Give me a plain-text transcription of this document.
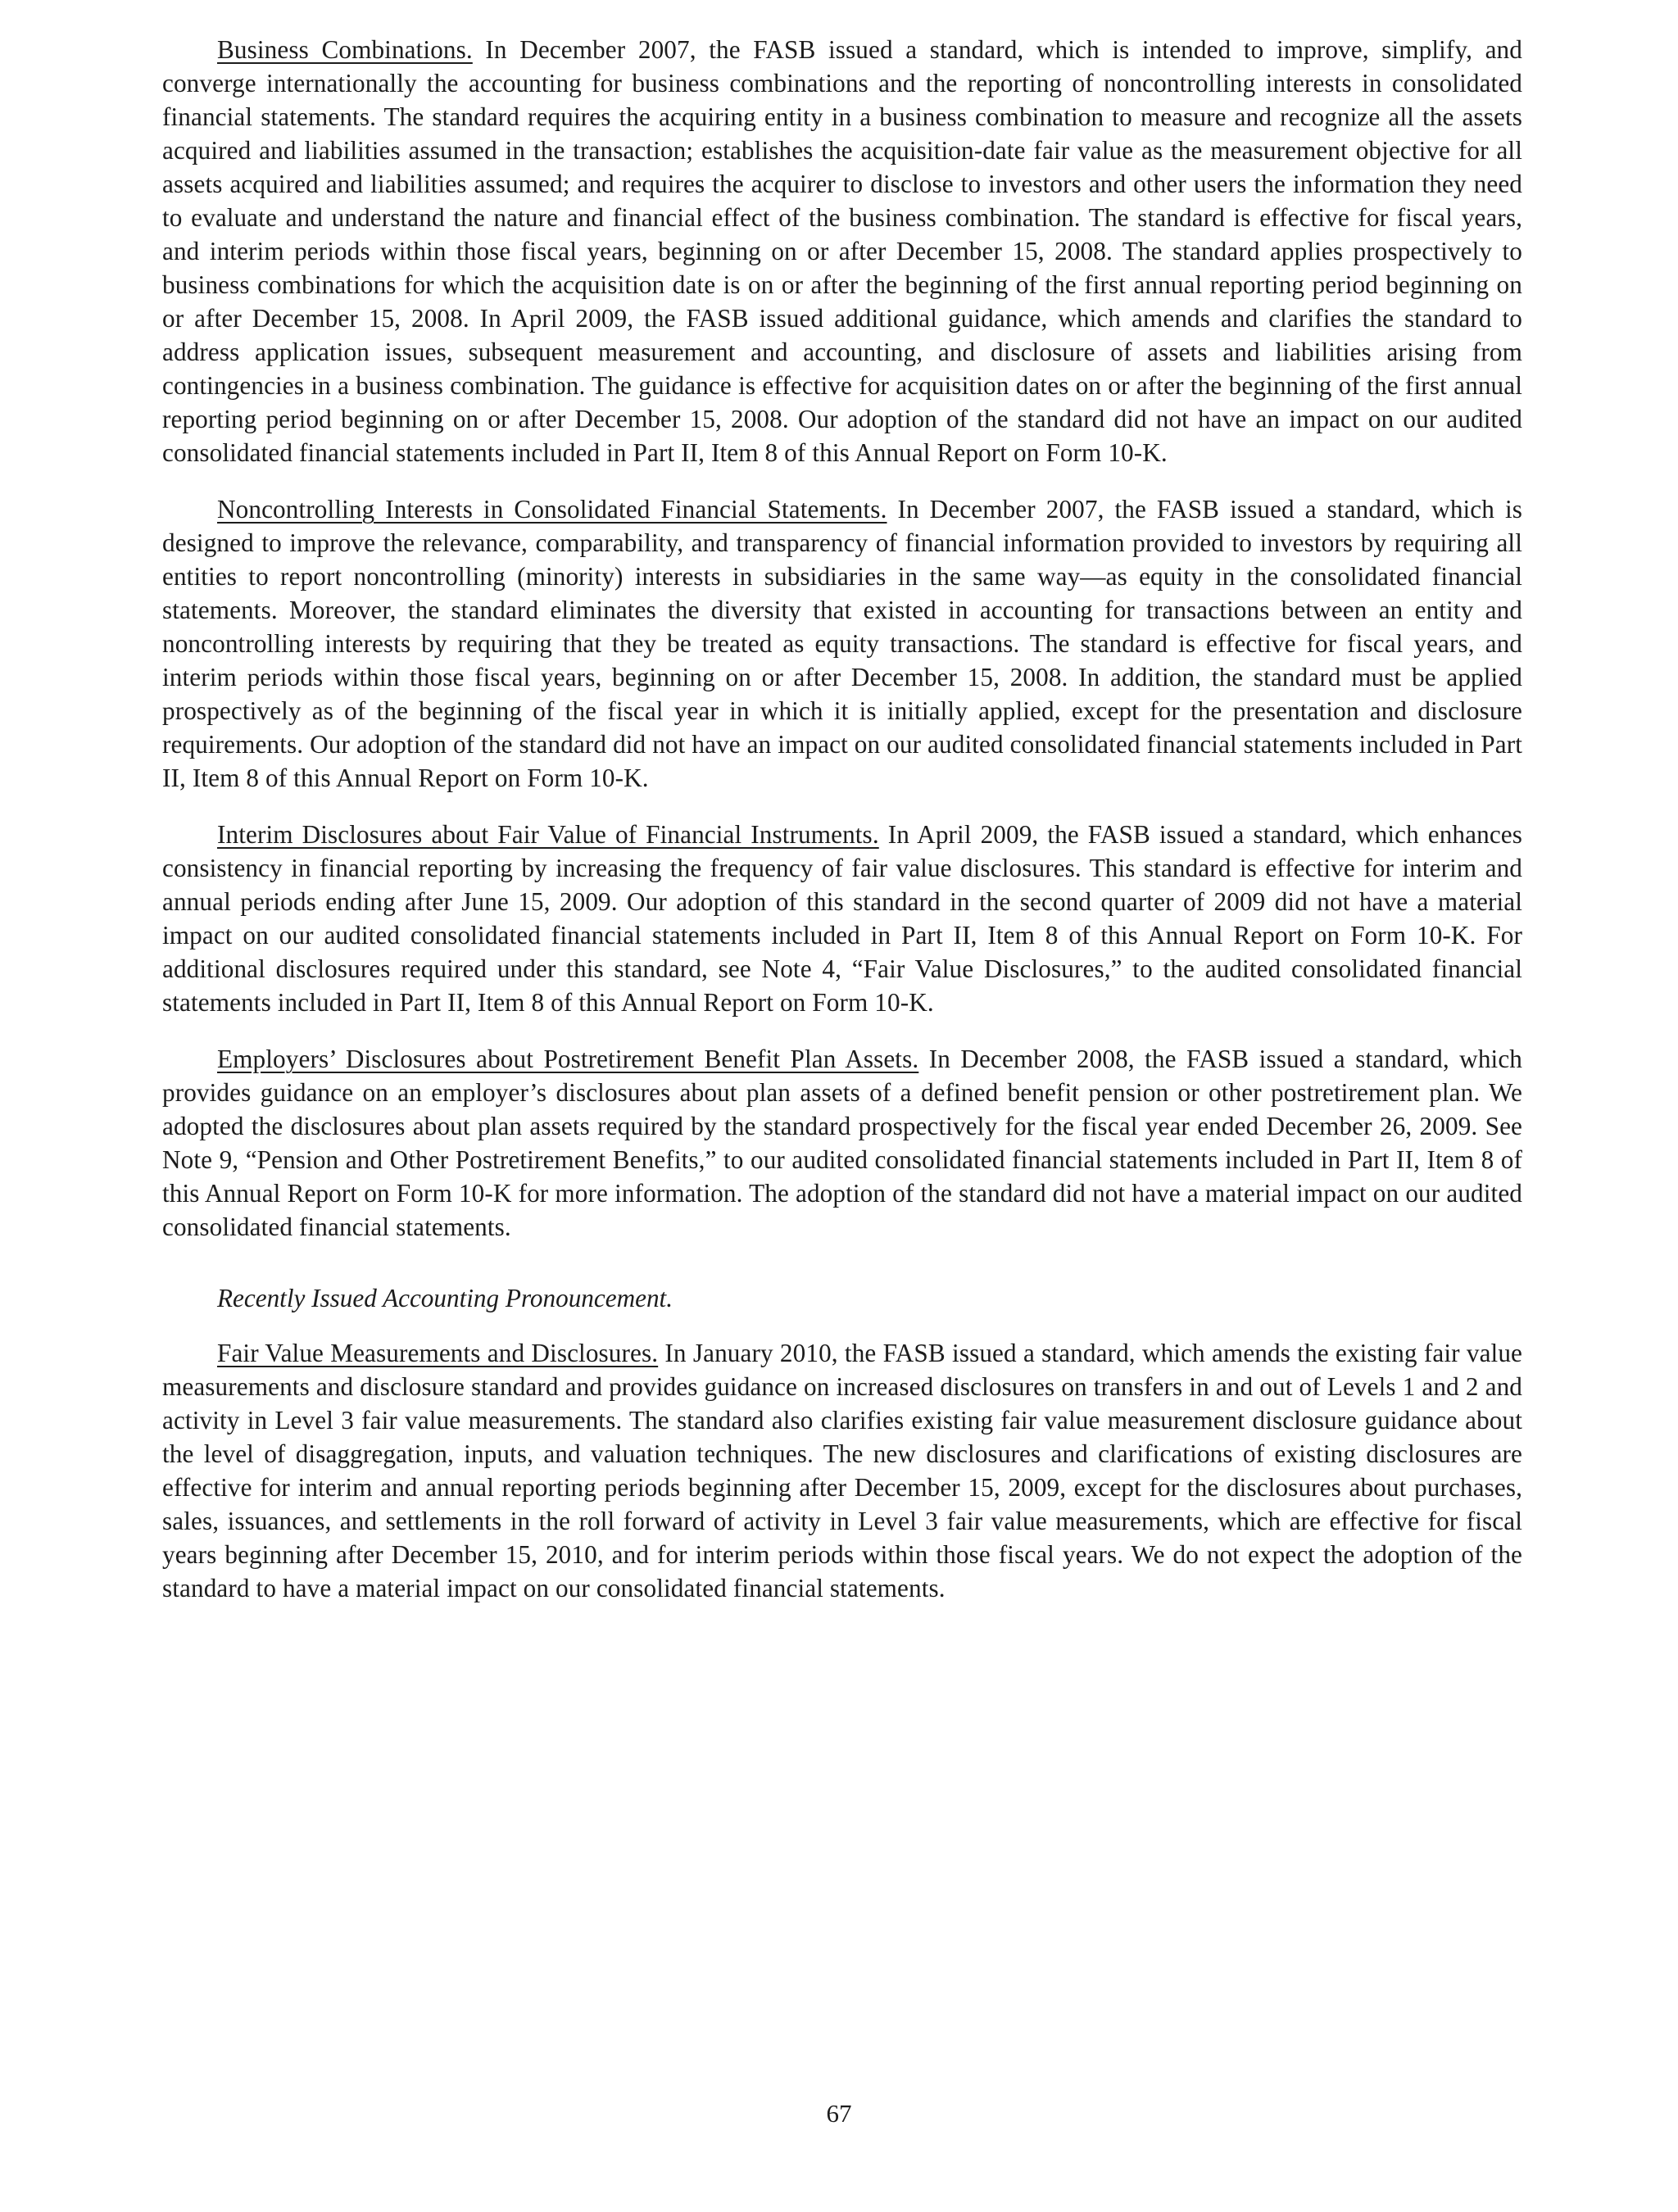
Business Combinations. In December 2007, the FASB issued a standard, which is intended to improve, simplify, and converge internationally the accounting for business combinations and the reporting of noncontrolling interests in consolidated financial statements. The standard requires the acquiring entity in a business combination to measure and recognize all the assets acquired and liabilities assumed in the transaction; establishes the acquisition-date fair value as the measurement objective for all assets acquired and liabilities assumed; and requires the acquirer to disclose to investors and other users the information they need to evaluate and understand the nature and financial effect of the business combination. The standard is effective for fiscal years, and interim periods within those fiscal years, beginning on or after December 15, 2008. The standard applies prospectively to business combinations for which the acquisition date is on or after the beginning of the first annual reporting period beginning on or after December 15, 2008. In April 2009, the FASB issued additional guidance, which amends and clarifies the standard to address application issues, subsequent measurement and accounting, and disclosure of assets and liabilities arising from contingencies in a business combination. The guidance is effective for acquisition dates on or after the beginning of the first annual reporting period beginning on or after December 15, 2008. Our adoption of the standard did not have an impact on our audited consolidated financial statements included in Part II, Item 8 of this Annual Report on Form 10-K.

Noncontrolling Interests in Consolidated Financial Statements. In December 2007, the FASB issued a standard, which is designed to improve the relevance, comparability, and transparency of financial information provided to investors by requiring all entities to report noncontrolling (minority) interests in subsidiaries in the same way—as equity in the consolidated financial statements. Moreover, the standard eliminates the diversity that existed in accounting for transactions between an entity and noncontrolling interests by requiring that they be treated as equity transactions. The standard is effective for fiscal years, and interim periods within those fiscal years, beginning on or after December 15, 2008. In addition, the standard must be applied prospectively as of the beginning of the fiscal year in which it is initially applied, except for the presentation and disclosure requirements. Our adoption of the standard did not have an impact on our audited consolidated financial statements included in Part II, Item 8 of this Annual Report on Form 10-K.

Interim Disclosures about Fair Value of Financial Instruments. In April 2009, the FASB issued a standard, which enhances consistency in financial reporting by increasing the frequency of fair value disclosures. This standard is effective for interim and annual periods ending after June 15, 2009. Our adoption of this standard in the second quarter of 2009 did not have a material impact on our audited consolidated financial statements included in Part II, Item 8 of this Annual Report on Form 10-K. For additional disclosures required under this standard, see Note 4, “Fair Value Disclosures,” to the audited consolidated financial statements included in Part II, Item 8 of this Annual Report on Form 10-K.

Employers’ Disclosures about Postretirement Benefit Plan Assets. In December 2008, the FASB issued a standard, which provides guidance on an employer’s disclosures about plan assets of a defined benefit pension or other postretirement plan. We adopted the disclosures about plan assets required by the standard prospectively for the fiscal year ended December 26, 2009. See Note 9, “Pension and Other Postretirement Benefits,” to our audited consolidated financial statements included in Part II, Item 8 of this Annual Report on Form 10-K for more information. The adoption of the standard did not have a material impact on our audited consolidated financial statements.

Recently Issued Accounting Pronouncement.

Fair Value Measurements and Disclosures. In January 2010, the FASB issued a standard, which amends the existing fair value measurements and disclosure standard and provides guidance on increased disclosures on transfers in and out of Levels 1 and 2 and activity in Level 3 fair value measurements. The standard also clarifies existing fair value measurement disclosure guidance about the level of disaggregation, inputs, and valuation techniques. The new disclosures and clarifications of existing disclosures are effective for interim and annual reporting periods beginning after December 15, 2009, except for the disclosures about purchases, sales, issuances, and settlements in the roll forward of activity in Level 3 fair value measurements, which are effective for fiscal years beginning after December 15, 2010, and for interim periods within those fiscal years. We do not expect the adoption of the standard to have a material impact on our consolidated financial statements.

67
